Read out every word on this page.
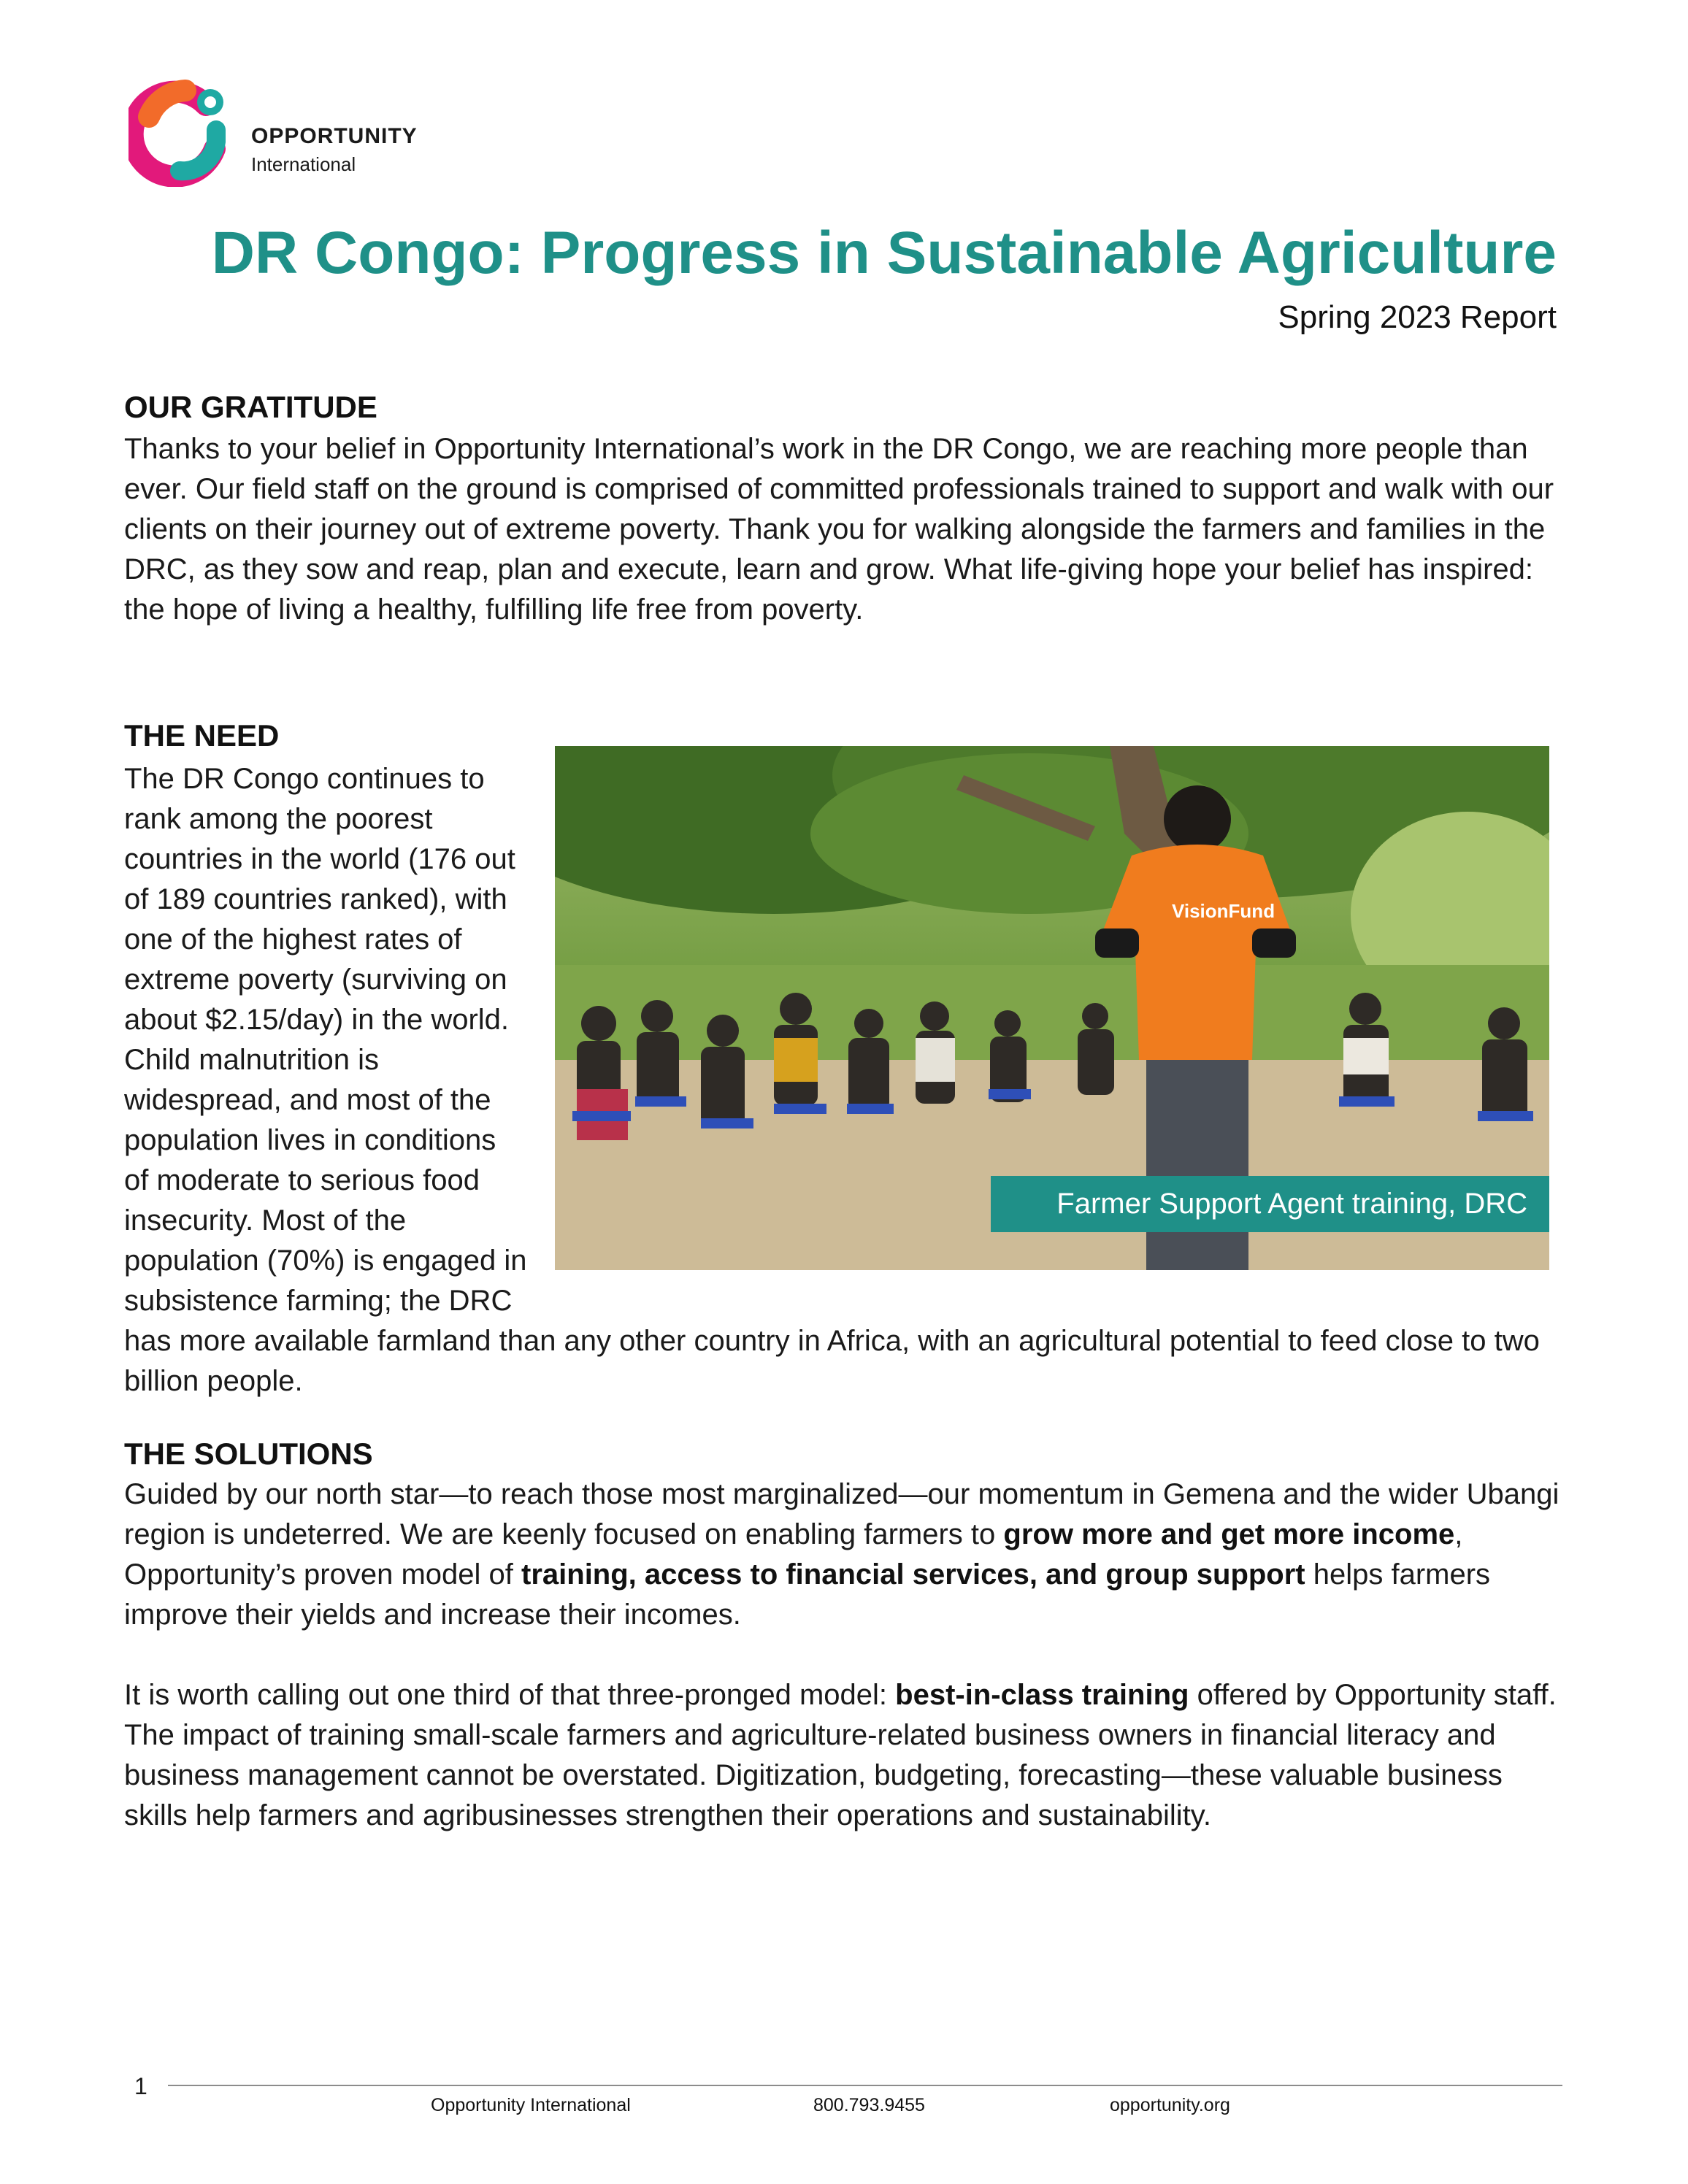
OPPORTUNITY
International
DR Congo: Progress in Sustainable Agriculture
Spring 2023 Report
OUR GRATITUDE

Thanks to your belief in Opportunity International’s work in the DR Congo, we are reaching more people than ever. Our field staff on the ground is comprised of committed professionals trained to support and walk with our clients on their journey out of extreme poverty. Thank you for walking alongside the farmers and families in the DRC, as they sow and reap, plan and execute, learn and grow. What life-giving hope your belief has inspired: the hope of living a healthy, fulfilling life free from poverty.

THE NEED

The DR Congo continues to rank among the poorest countries in the world (176 out of 189 countries ranked), with one of the highest rates of extreme poverty (surviving on about $2.15/day) in the world. Child malnutrition is widespread, and most of the population lives in conditions of moderate to serious food insecurity. Most of the population (70%) is engaged in subsistence farming; the DRC has more available farmland than any other country in Africa, with an agricultural potential to feed close to two billion people.

VisionFund
Farmer Support Agent training, DRC
THE SOLUTIONS

Guided by our north star—to reach those most marginalized—our momentum in Gemena and the wider Ubangi region is undeterred. We are keenly focused on enabling farmers to grow more and get more income, Opportunity’s proven model of training, access to financial services, and group support helps farmers improve their yields and increase their incomes.

It is worth calling out one third of that three-pronged model: best-in-class training offered by Opportunity staff. The impact of training small-scale farmers and agriculture-related business owners in financial literacy and business management cannot be overstated. Digitization, budgeting, forecasting—these valuable business skills help farmers and agribusinesses strengthen their operations and sustainability.

1
Opportunity International	800.793.9455	opportunity.org
